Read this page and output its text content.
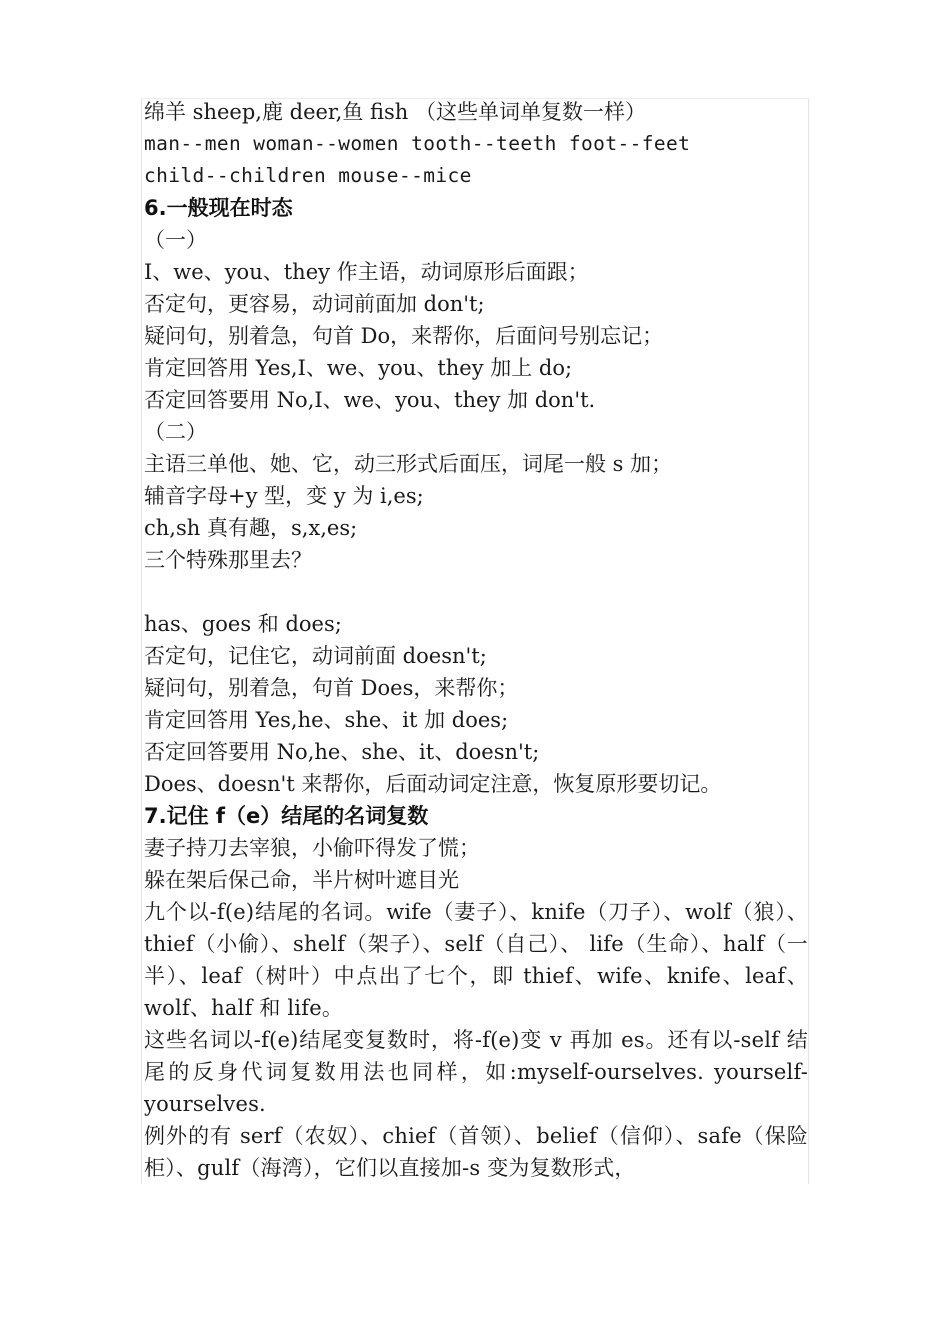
绵羊 sheep,鹿 deer,鱼 fish （这些单词单复数一样）
man--men woman--women tooth--teeth foot--feet
child--children mouse--mice
6.一般现在时态
（一）
I、we、you、they 作主语，动词原形后面跟；
否定句，更容易，动词前面加 don't;
疑问句，别着急，句首 Do，来帮你，后面问号别忘记；
肯定回答用 Yes,I、we、you、they 加上 do;
否定回答要用 No,I、we、you、they 加 don't.
（二）
主语三单他、她、它，动三形式后面压，词尾一般 s 加；
辅音字母+y 型，变 y 为 i,es;
ch,sh 真有趣，s,x,es;
三个特殊那里去？
has、goes 和 does;
否定句，记住它，动词前面 doesn't;
疑问句，别着急，句首 Does，来帮你；
肯定回答用 Yes,he、she、it 加 does;
否定回答要用 No,he、she、it、doesn't;
Does、doesn't 来帮你，后面动词定注意，恢复原形要切记。
7.记住 f（e）结尾的名词复数
妻子持刀去宰狼，小偷吓得发了慌；
躲在架后保己命，半片树叶遮目光
九个以-f(e)结尾的名词。wife（妻子）、knife（刀子）、wolf（狼）、thief（小偷）、shelf（架子）、self（自己）、 life（生命）、half（一半）、leaf（树叶）中点出了七个，即 thief、wife、knife、leaf、wolf、half 和 life。
这些名词以-f(e)结尾变复数时，将-f(e)变 v 再加 es。还有以-self 结尾的反身代词复数用法也同样，如:myself-ourselves. yourself-yourselves.
例外的有 serf（农奴）、chief（首领）、belief（信仰）、safe（保险柜）、gulf（海湾），它们以直接加-s 变为复数形式，
